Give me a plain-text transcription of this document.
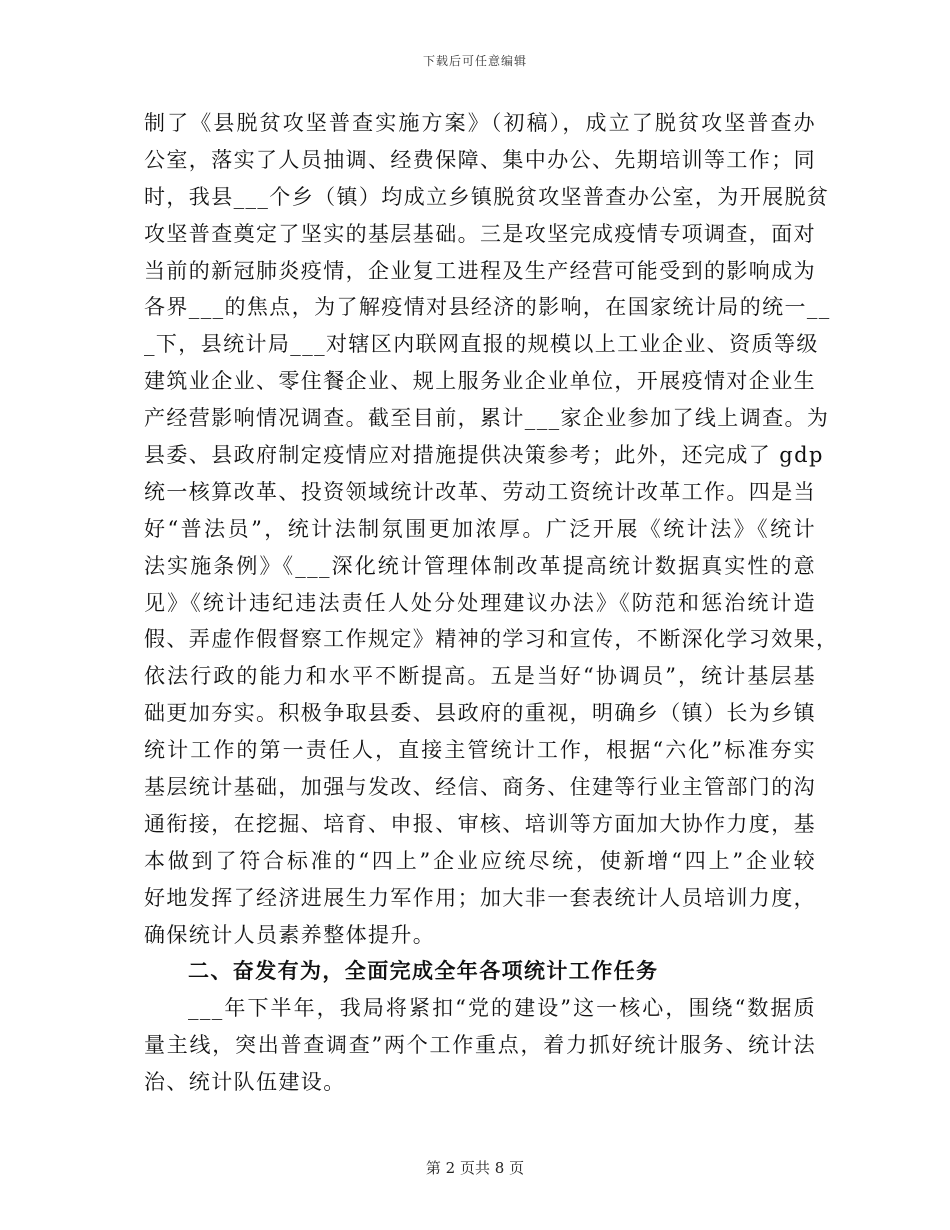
下载后可任意编辑
制了《县脱贫攻坚普查实施方案》（初稿），成立了脱贫攻坚普查办
公室，落实了人员抽调、经费保障、集中办公、先期培训等工作；同
时，我县___个乡（镇）均成立乡镇脱贫攻坚普查办公室，为开展脱贫
攻坚普查奠定了坚实的基层基础。三是攻坚完成疫情专项调查，面对
当前的新冠肺炎疫情，企业复工进程及生产经营可能受到的影响成为
各界___的焦点，为了解疫情对县经济的影响，在国家统计局的统一__
_下，县统计局___对辖区内联网直报的规模以上工业企业、资质等级
建筑业企业、零住餐企业、规上服务业企业单位，开展疫情对企业生
产经营影响情况调查。截至目前，累计___家企业参加了线上调查。为
县委、县政府制定疫情应对措施提供决策参考；此外，还完成了 gdp
统一核算改革、投资领域统计改革、劳动工资统计改革工作。四是当
好“普法员”，统计法制氛围更加浓厚。广泛开展《统计法》《统计
法实施条例》《___深化统计管理体制改革提高统计数据真实性的意
见》《统计违纪违法责任人处分处理建议办法》《防范和惩治统计造
假、弄虚作假督察工作规定》精神的学习和宣传，不断深化学习效果，
依法行政的能力和水平不断提高。五是当好“协调员”，统计基层基
础更加夯实。积极争取县委、县政府的重视，明确乡（镇）长为乡镇
统计工作的第一责任人，直接主管统计工作，根据“六化”标准夯实
基层统计基础，加强与发改、经信、商务、住建等行业主管部门的沟
通衔接，在挖掘、培育、申报、审核、培训等方面加大协作力度，基
本做到了符合标准的“四上”企业应统尽统，使新增“四上”企业较
好地发挥了经济进展生力军作用；加大非一套表统计人员培训力度，
确保统计人员素养整体提升。
二、奋发有为，全面完成全年各项统计工作任务
___年下半年，我局将紧扣“党的建设”这一核心，围绕“数据质
量主线，突出普查调查”两个工作重点，着力抓好统计服务、统计法
治、统计队伍建设。
第 2 页共 8 页
